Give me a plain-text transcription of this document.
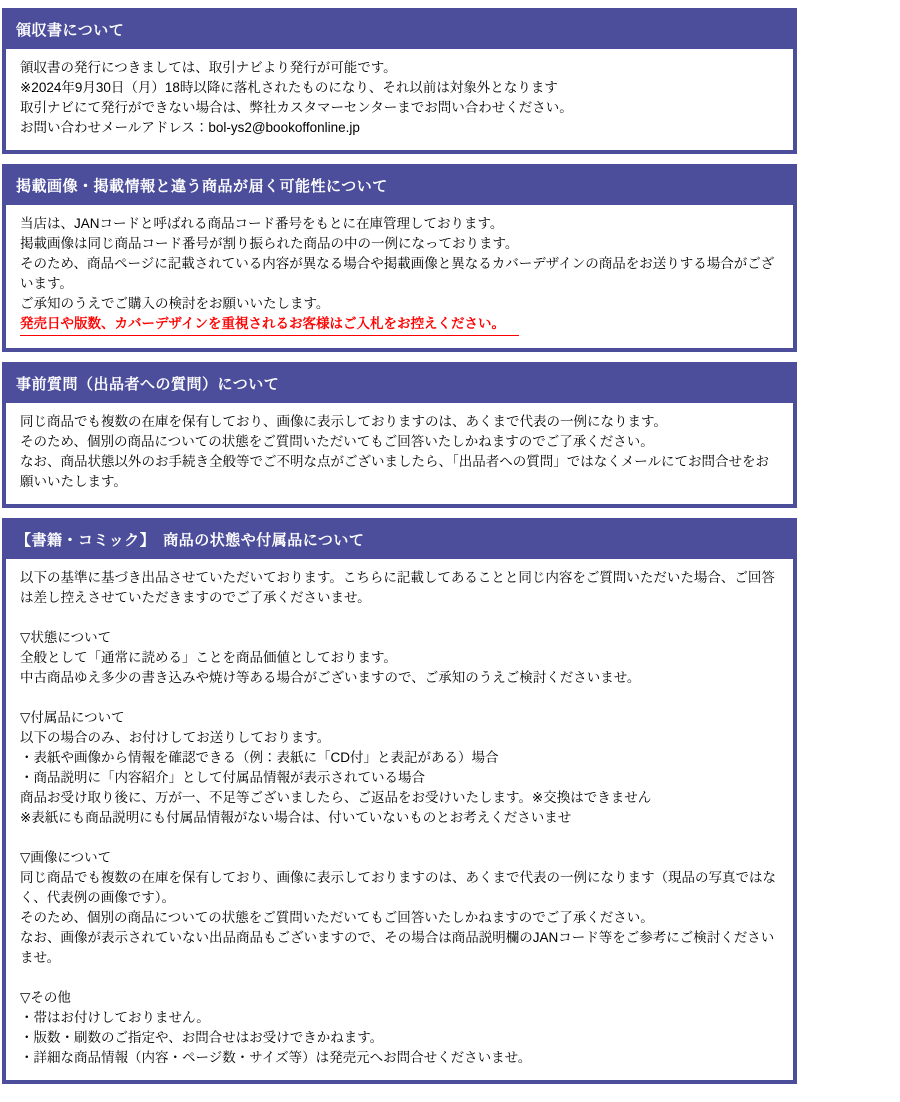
領収書について
領収書の発行につきましては、取引ナビより発行が可能です。
※2024年9月30日（月）18時以降に落札されたものになり、それ以前は対象外となります
取引ナビにて発行ができない場合は、弊社カスタマーセンターまでお問い合わせください。
お問い合わせメールアドレス：bol-ys2@bookoffonline.jp
掲載画像・掲載情報と違う商品が届く可能性について
当店は、JANコードと呼ばれる商品コード番号をもとに在庫管理しております。
掲載画像は同じ商品コード番号が割り振られた商品の中の一例になっております。
そのため、商品ページに記載されている内容が異なる場合や掲載画像と異なるカバーデザインの商品をお送りする場合がございます。
ご承知のうえでご購入の検討をお願いいたします。
発売日や版数、カバーデザインを重視されるお客様はご入札をお控えください。
事前質問（出品者への質問）について
同じ商品でも複数の在庫を保有しており、画像に表示しておりますのは、あくまで代表の一例になります。
そのため、個別の商品についての状態をご質問いただいてもご回答いたしかねますのでご了承ください。
なお、商品状態以外のお手続き全般等でご不明な点がございましたら、「出品者への質問」ではなくメールにてお問合せをお願いいたします。
【書籍・コミック】　商品の状態や付属品について
以下の基準に基づき出品させていただいております。こちらに記載してあることと同じ内容をご質問いただいた場合、ご回答は差し控えさせていただきますのでご了承くださいませ。
▽状態について
全般として「通常に読める」ことを商品価値としております。
中古商品ゆえ多少の書き込みや焼け等ある場合がございますので、ご承知のうえご検討くださいませ。
▽付属品について
以下の場合のみ、お付けしてお送りしております。
・表紙や画像から情報を確認できる（例：表紙に「CD付」と表記がある）場合
・商品説明に「内容紹介」として付属品情報が表示されている場合
商品お受け取り後に、万が一、不足等ございましたら、ご返品をお受けいたします。※交換はできません
※表紙にも商品説明にも付属品情報がない場合は、付いていないものとお考えくださいませ
▽画像について
同じ商品でも複数の在庫を保有しており、画像に表示しておりますのは、あくまで代表の一例になります（現品の写真ではなく、代表例の画像です）。
そのため、個別の商品についての状態をご質問いただいてもご回答いたしかねますのでご了承ください。
なお、画像が表示されていない出品商品もございますので、その場合は商品説明欄のJANコード等をご参考にご検討くださいませ。
▽その他
・帯はお付けしておりません。
・版数・刷数のご指定や、お問合せはお受けできかねます。
・詳細な商品情報（内容・ページ数・サイズ等）は発売元へお問合せくださいませ。
